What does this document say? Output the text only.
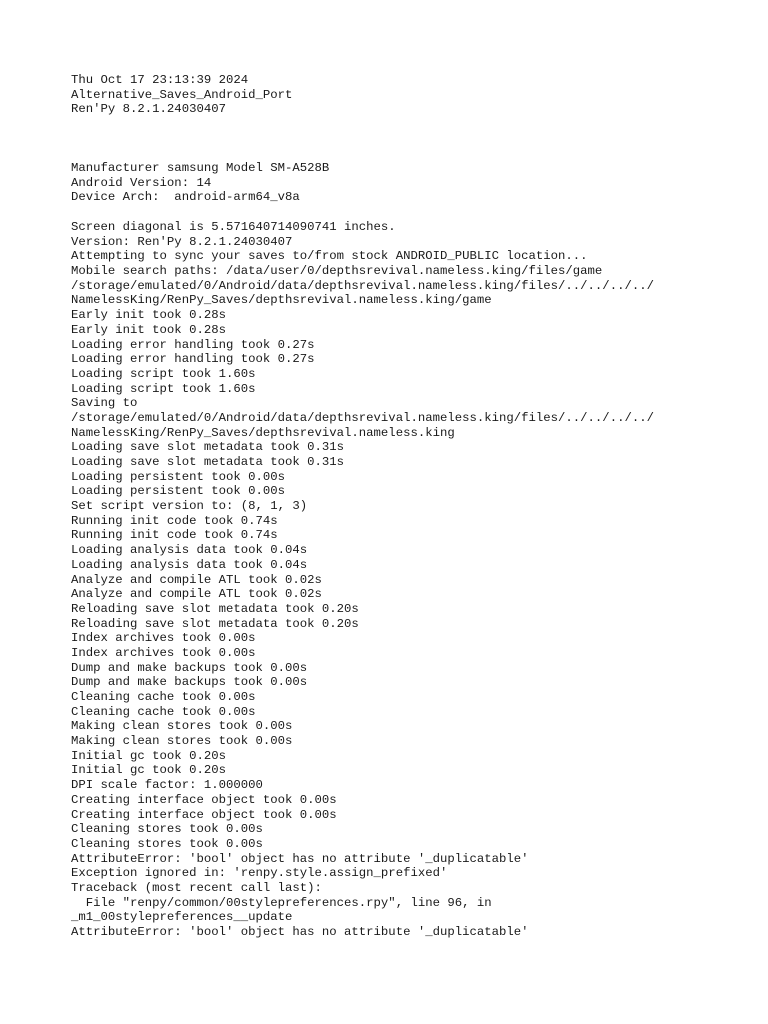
Thu Oct 17 23:13:39 2024
Alternative_Saves_Android_Port
Ren'Py 8.2.1.24030407
Manufacturer samsung Model SM-A528B
Android Version: 14
Device Arch:  android-arm64_v8a
Screen diagonal is 5.571640714090741 inches.
Version: Ren'Py 8.2.1.24030407
Attempting to sync your saves to/from stock ANDROID_PUBLIC location...
Mobile search paths: /data/user/0/depthsrevival.nameless.king/files/game
/storage/emulated/0/Android/data/depthsrevival.nameless.king/files/../../../../
NamelessKing/RenPy_Saves/depthsrevival.nameless.king/game
Early init took 0.28s
Early init took 0.28s
Loading error handling took 0.27s
Loading error handling took 0.27s
Loading script took 1.60s
Loading script took 1.60s
Saving to
/storage/emulated/0/Android/data/depthsrevival.nameless.king/files/../../../../
NamelessKing/RenPy_Saves/depthsrevival.nameless.king
Loading save slot metadata took 0.31s
Loading save slot metadata took 0.31s
Loading persistent took 0.00s
Loading persistent took 0.00s
Set script version to: (8, 1, 3)
Running init code took 0.74s
Running init code took 0.74s
Loading analysis data took 0.04s
Loading analysis data took 0.04s
Analyze and compile ATL took 0.02s
Analyze and compile ATL took 0.02s
Reloading save slot metadata took 0.20s
Reloading save slot metadata took 0.20s
Index archives took 0.00s
Index archives took 0.00s
Dump and make backups took 0.00s
Dump and make backups took 0.00s
Cleaning cache took 0.00s
Cleaning cache took 0.00s
Making clean stores took 0.00s
Making clean stores took 0.00s
Initial gc took 0.20s
Initial gc took 0.20s
DPI scale factor: 1.000000
Creating interface object took 0.00s
Creating interface object took 0.00s
Cleaning stores took 0.00s
Cleaning stores took 0.00s
AttributeError: 'bool' object has no attribute '_duplicatable'
Exception ignored in: 'renpy.style.assign_prefixed'
Traceback (most recent call last):
File "renpy/common/00stylepreferences.rpy", line 96, in
_m1_00stylepreferences__update
AttributeError: 'bool' object has no attribute '_duplicatable'
